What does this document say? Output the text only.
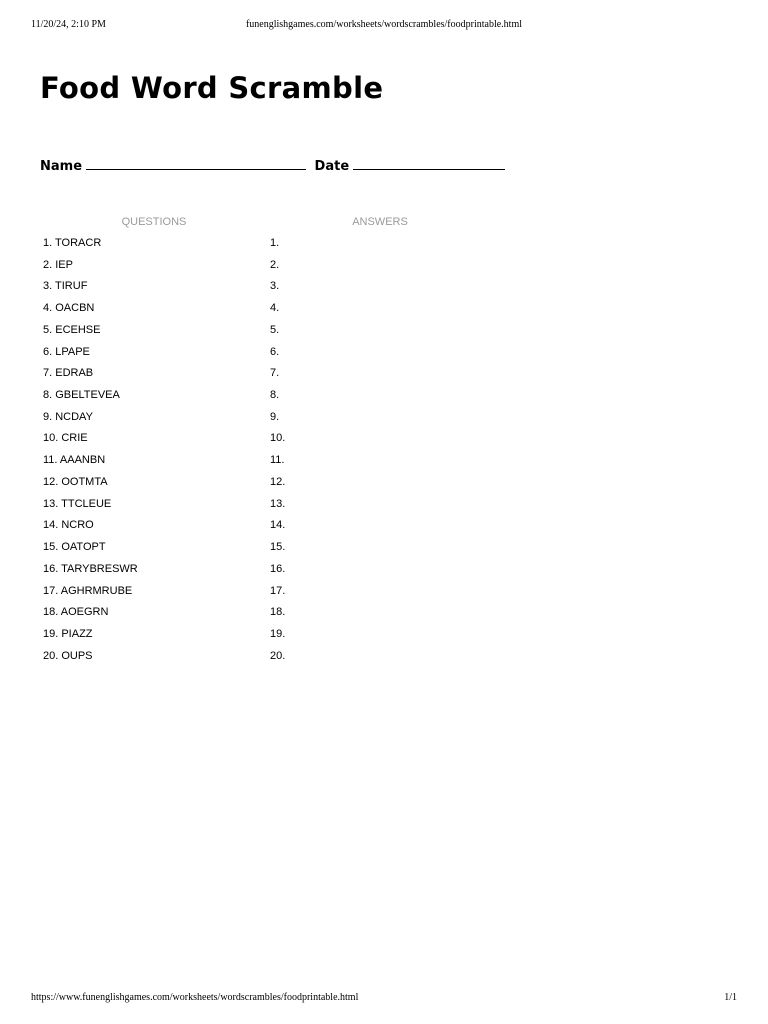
11/20/24, 2:10 PM	funenglishgames.com/worksheets/wordscrambles/foodprintable.html
Food Word Scramble
Name	Date
QUESTIONS	ANSWERS
1. TORACR	1.
2. IEP	2.
3. TIRUF	3.
4. OACBN	4.
5. ECEHSE	5.
6. LPAPE	6.
7. EDRAB	7.
8. GBELTEVEA	8.
9. NCDAY	9.
10. CRIE	10.
11. AAANBN	11.
12. OOTMTA	12.
13. TTCLEUE	13.
14. NCRO	14.
15. OATOPT	15.
16. TARYBRESWR	16.
17. AGHRMRUBE	17.
18. AOEGRN	18.
19. PIAZZ	19.
20. OUPS	20.
https://www.funenglishgames.com/worksheets/wordscrambles/foodprintable.html	1/1
